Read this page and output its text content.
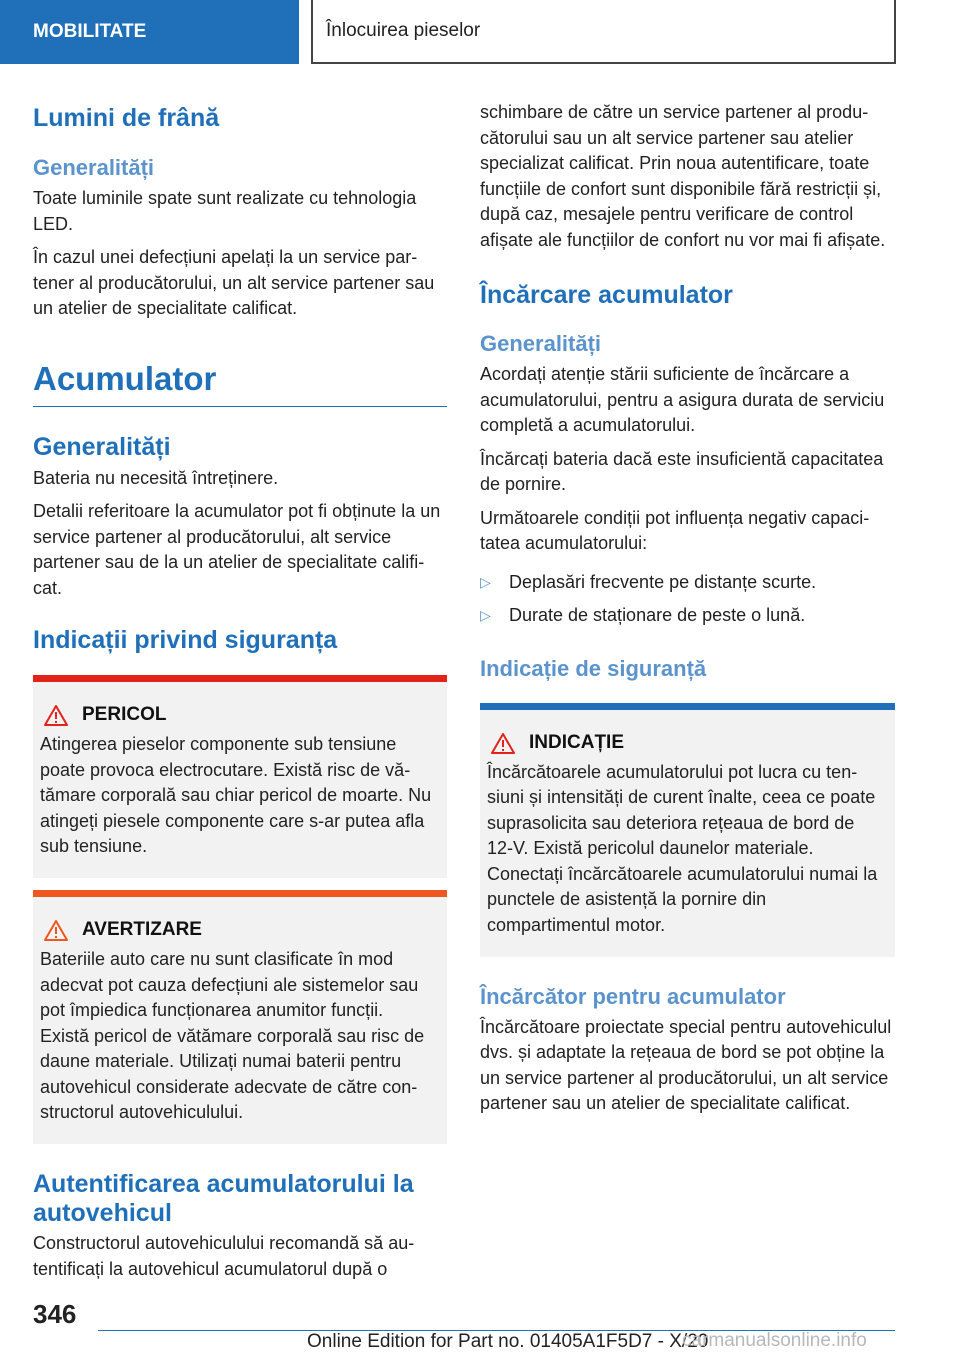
MOBILITATE	Înlocuirea pieselor
Lumini de frână
Generalități

Toate luminile spate sunt realizate cu tehnologia LED.

În cazul unei defecțiuni apelați la un service partener al producătorului, un alt service partener sau un atelier de specialitate calificat.

Acumulator
Generalități

Bateria nu necesită întreținere.

Detalii referitoare la acumulator pot fi obținute la un service partener al producătorului, alt service partener sau de la un atelier de specialitate calificat.

Indicații privind siguranța
PERICOL

Atingerea pieselor componente sub tensiune poate provoca electrocutare. Există risc de vătămare corporală sau chiar pericol de moarte. Nu atingeți piesele componente care s-ar putea afla sub tensiune.

AVERTIZARE

Bateriile auto care nu sunt clasificate în mod adecvat pot cauza defecțiuni ale sistemelor sau pot împiedica funcționarea anumitor funcții. Există pericol de vătămare corporală sau risc de daune materiale. Utilizați numai baterii pentru autovehicul considerate adecvate de către constructorul autovehiculului.

Autentificarea acumulatorului la autovehicul

Constructorul autovehiculului recomandă să autentificați la autovehicul acumulatorul după o

schimbare de către un service partener al producătorului sau un alt service partener sau atelier specializat calificat. Prin noua autentificare, toate funcțiile de confort sunt disponibile fără restricții și, după caz, mesajele pentru verificare de control afișate ale funcțiilor de confort nu vor mai fi afișate.

Încărcare acumulator
Generalități

Acordați atenție stării suficiente de încărcare a acumulatorului, pentru a asigura durata de serviciu completă a acumulatorului.

Încărcați bateria dacă este insuficientă capacitatea de pornire.

Următoarele condiții pot influența negativ capacitatea acumulatorului:

▷	Deplasări frecvente pe distanțe scurte.
▷	Durate de staționare de peste o lună.
Indicație de siguranță
INDICAȚIE

Încărcătoarele acumulatorului pot lucra cu tensiuni și intensități de curent înalte, ceea ce poate suprasolicita sau deteriora rețeaua de bord de 12-V. Există pericolul daunelor materiale. Conectați încărcătoarele acumulatorului numai la punctele de asistență la pornire din compartimentul motor.

Încărcător pentru acumulator

Încărcătoare proiectate special pentru autovehiculul dvs. și adaptate la rețeaua de bord se pot obține la un service partener al producătorului, un alt service partener sau un atelier de specialitate calificat.

346
Online Edition for Part no. 01405A1F5D7 - X/20
carmanualsonline.info
